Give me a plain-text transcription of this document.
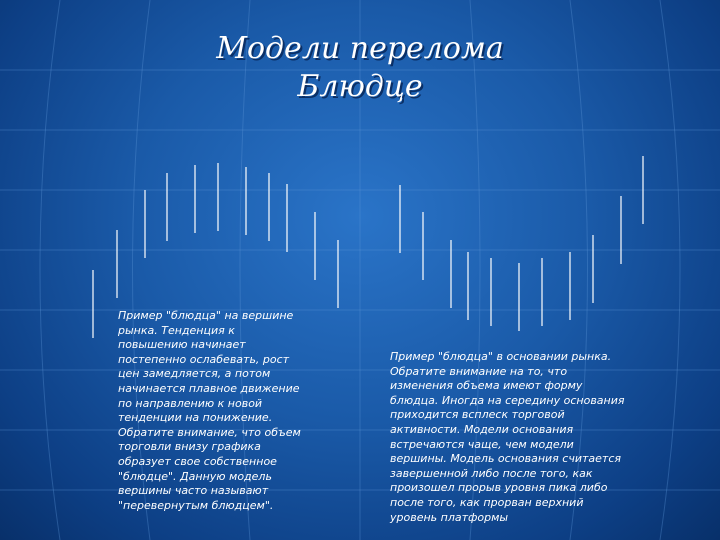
Модели перелома
Блюдце
Пример "блюдца" на вершине
рынка. Тенденция к
повышению начинает
постепенно ослабевать, рост
цен замедляется, а потом
начинается плавное движение
по направлению к новой
тенденции на понижение.
Обратите внимание, что объем
торговли внизу графика
образует свое собственное
"блюдце". Данную модель
вершины часто называют
"перевернутым блюдцем".
Пример "блюдца" в основании рынка.
Обратите внимание на то, что
изменения объема имеют форму
блюдца. Иногда на середину основания
приходится всплеск торговой
активности. Модели основания
встречаются чаще, чем модели
вершины. Модель основания считается
завершенной либо после того, как
произошел прорыв уровня пика либо
после того, как прорван верхний
уровень платформы
